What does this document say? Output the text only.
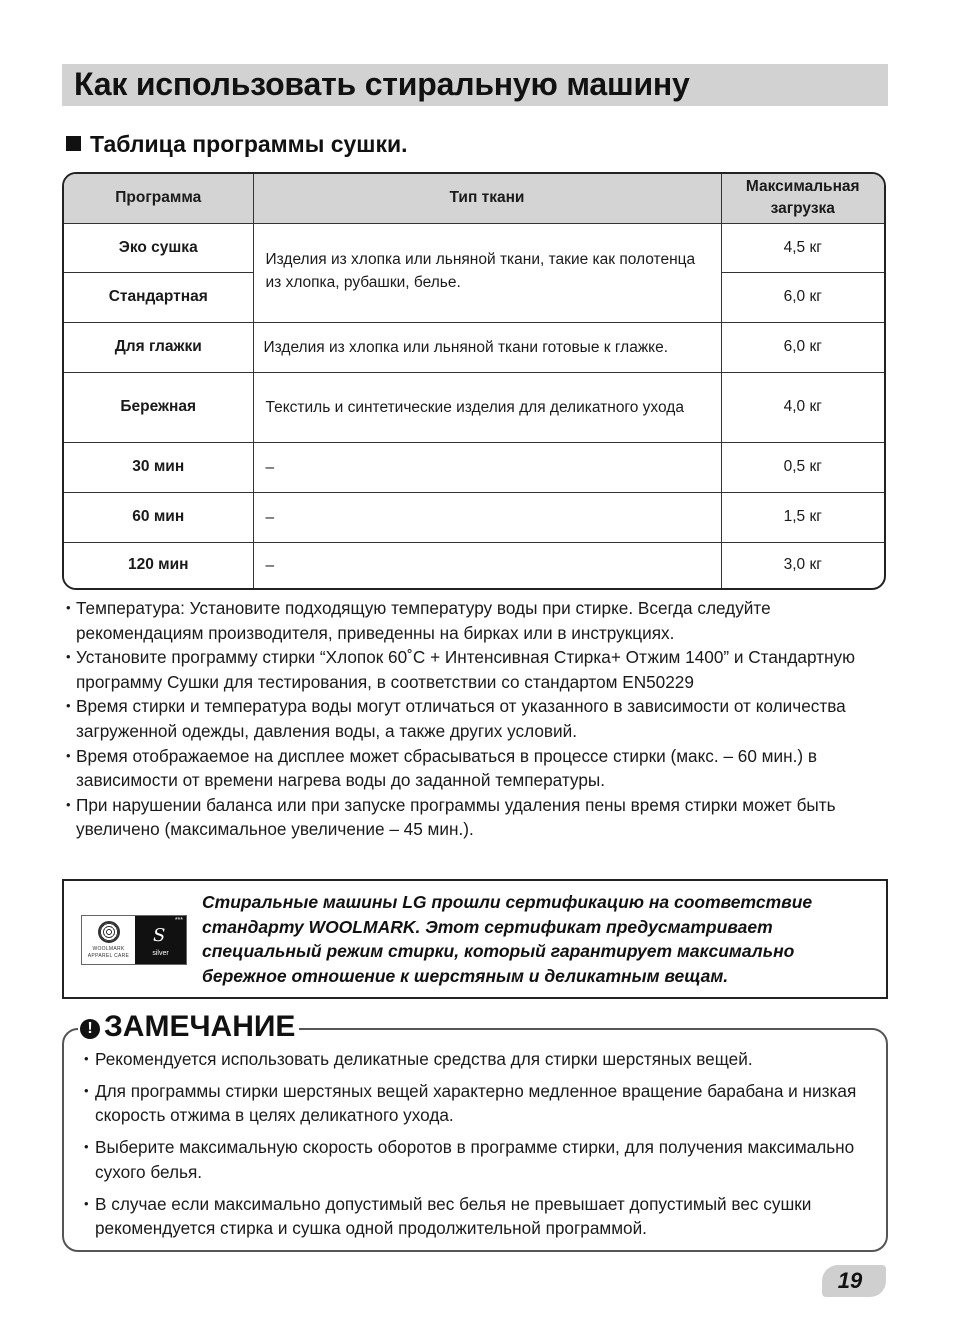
Как использовать стиральную машину
Таблица программы сушки.
Программа	Тип ткани	Максимальная
загрузка
Эко сушка	Изделия из хлопка или льняной ткани, такие как полотенца из хлопка, рубашки, белье.	4,5 кг
Стандартная		6,0 кг
Для глажки	Изделия из хлопка или льняной ткани готовые к глажке.	6,0 кг
Бережная	Текстиль и синтетические изделия для деликатного ухода	4,0 кг
30 мин	–	0,5 кг
60 мин	–	1,5 кг
120 мин	–	3,0 кг
• Температура: Установите подходящую температуру воды при стирке. Всегда следуйте рекомендациям производителя, приведенны на бирках или в инструкциях.
• Установите программу стирки “Хлопок 60˚С + Интенсивная Стирка+ Отжим 1400” и Стандартную программу Сушки для тестирования, в соответствии со стандартом EN50229
• Время стирки и температура воды могут отличаться от указанного в зависимости от количества загруженной одежды, давления воды, а также других условий.
• Время отображаемое на дисплее может сбрасываться в процессе стирки (макс. – 60 мин.) в зависимости от времени нагрева воды до заданной температуры.
• При нарушении баланса или при запуске программы удаления пены время стирки может быть увеличено (максимальное увеличение – 45 мин.).
WOOLMARK
APPAREL CARE
***
S
silver
Стиральные машины LG прошли сертификацию на соответствие стандарту WOOLMARK. Этот сертификат предусматривает специальный режим стирки, который гарантирует максимально бережное отношение к шерстяным и деликатным вещам.
! ЗАМЕЧАНИЕ
• Рекомендуется использовать деликатные средства для стирки шерстяных вещей.
• Для программы стирки шерстяных вещей характерно медленное вращение барабана и низкая скорость отжима в целях деликатного ухода.
• Выберите максимальную скорость оборотов в программе стирки, для получения максимально сухого белья.
• В случае если максимально допустимый вес белья не превышает допустимый вес сушки рекомендуется стирка и сушка одной продолжительной программой.
19
